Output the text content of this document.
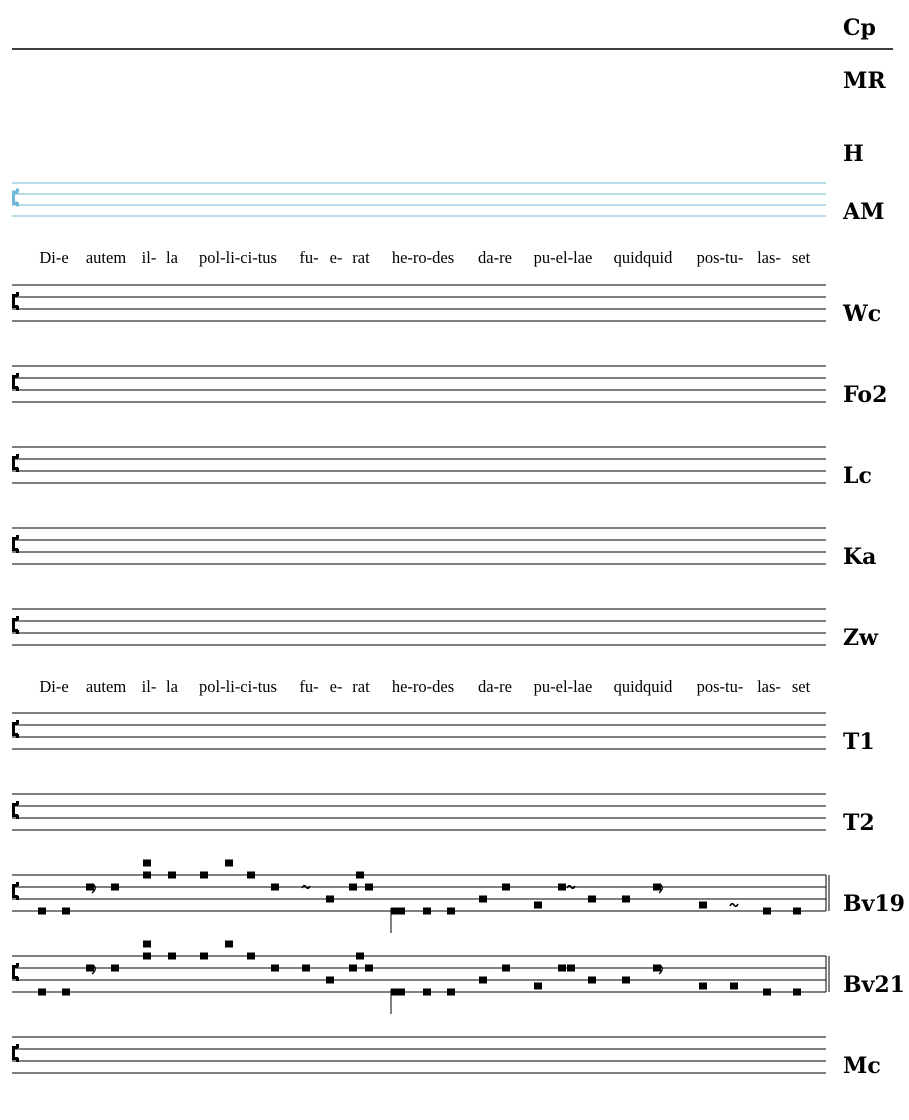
Cp
MR
H
AM
Wc
Fo2
Lc
Ka
Zw
T1
T2
Bv19
Bv21
Mc
Di-e autem il- la pol-li-ci-tus fu- e- rat he-ro-des da-re pu-el-lae quidquid pos-tu- las- set
Di-e autem il- la pol-li-ci-tus fu- e- rat he-ro-des da-re pu-el-lae quidquid pos-tu- las- set
